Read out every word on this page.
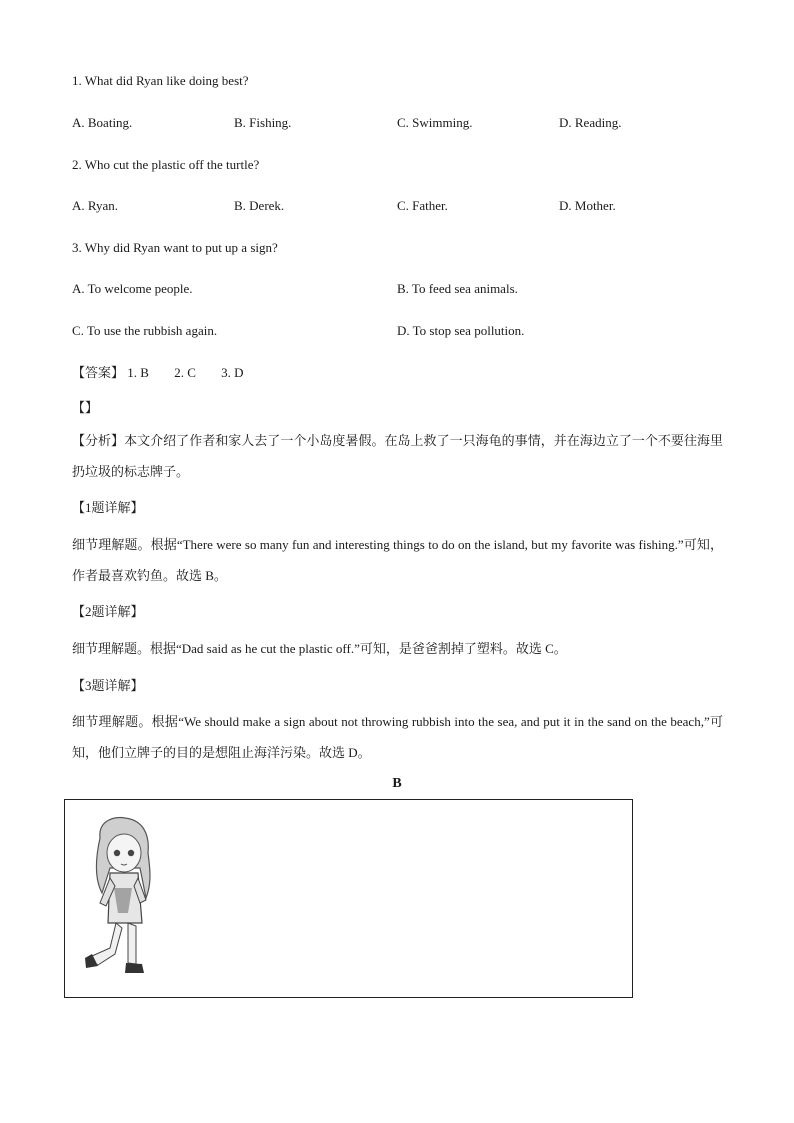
1. What did Ryan like doing best?
A. Boating.	B. Fishing.	C. Swimming.	D. Reading.
2. Who cut the plastic off the turtle?
A. Ryan.	B. Derek.	C. Father.	D. Mother.
3. Why did Ryan want to put up a sign?
A. To welcome people.	B. To feed sea animals.
C. To use the rubbish again.	D. To stop sea pollution.
【答案】 1. B 2. C 3. D
【】
【分析】本文介绍了作者和家人去了一个小岛度暑假。在岛上救了一只海龟的事情，并在海边立了一个不要往海里扔垃圾的标志牌子。
【1题详解】
细节理解题。根据“There were so many fun and interesting things to do on the island, but my favorite was fishing.”可知，作者最喜欢钓鱼。故选 B。
【2题详解】
细节理解题。根据“Dad said as he cut the plastic off.”可知，是爸爸割掉了塑料。故选 C。
【3题详解】
细节理解题。根据“We should make a sign about not throwing rubbish into the sea, and put it in the sand on the beach,”可知，他们立牌子的目的是想阻止海洋污染。故选 D。
B
